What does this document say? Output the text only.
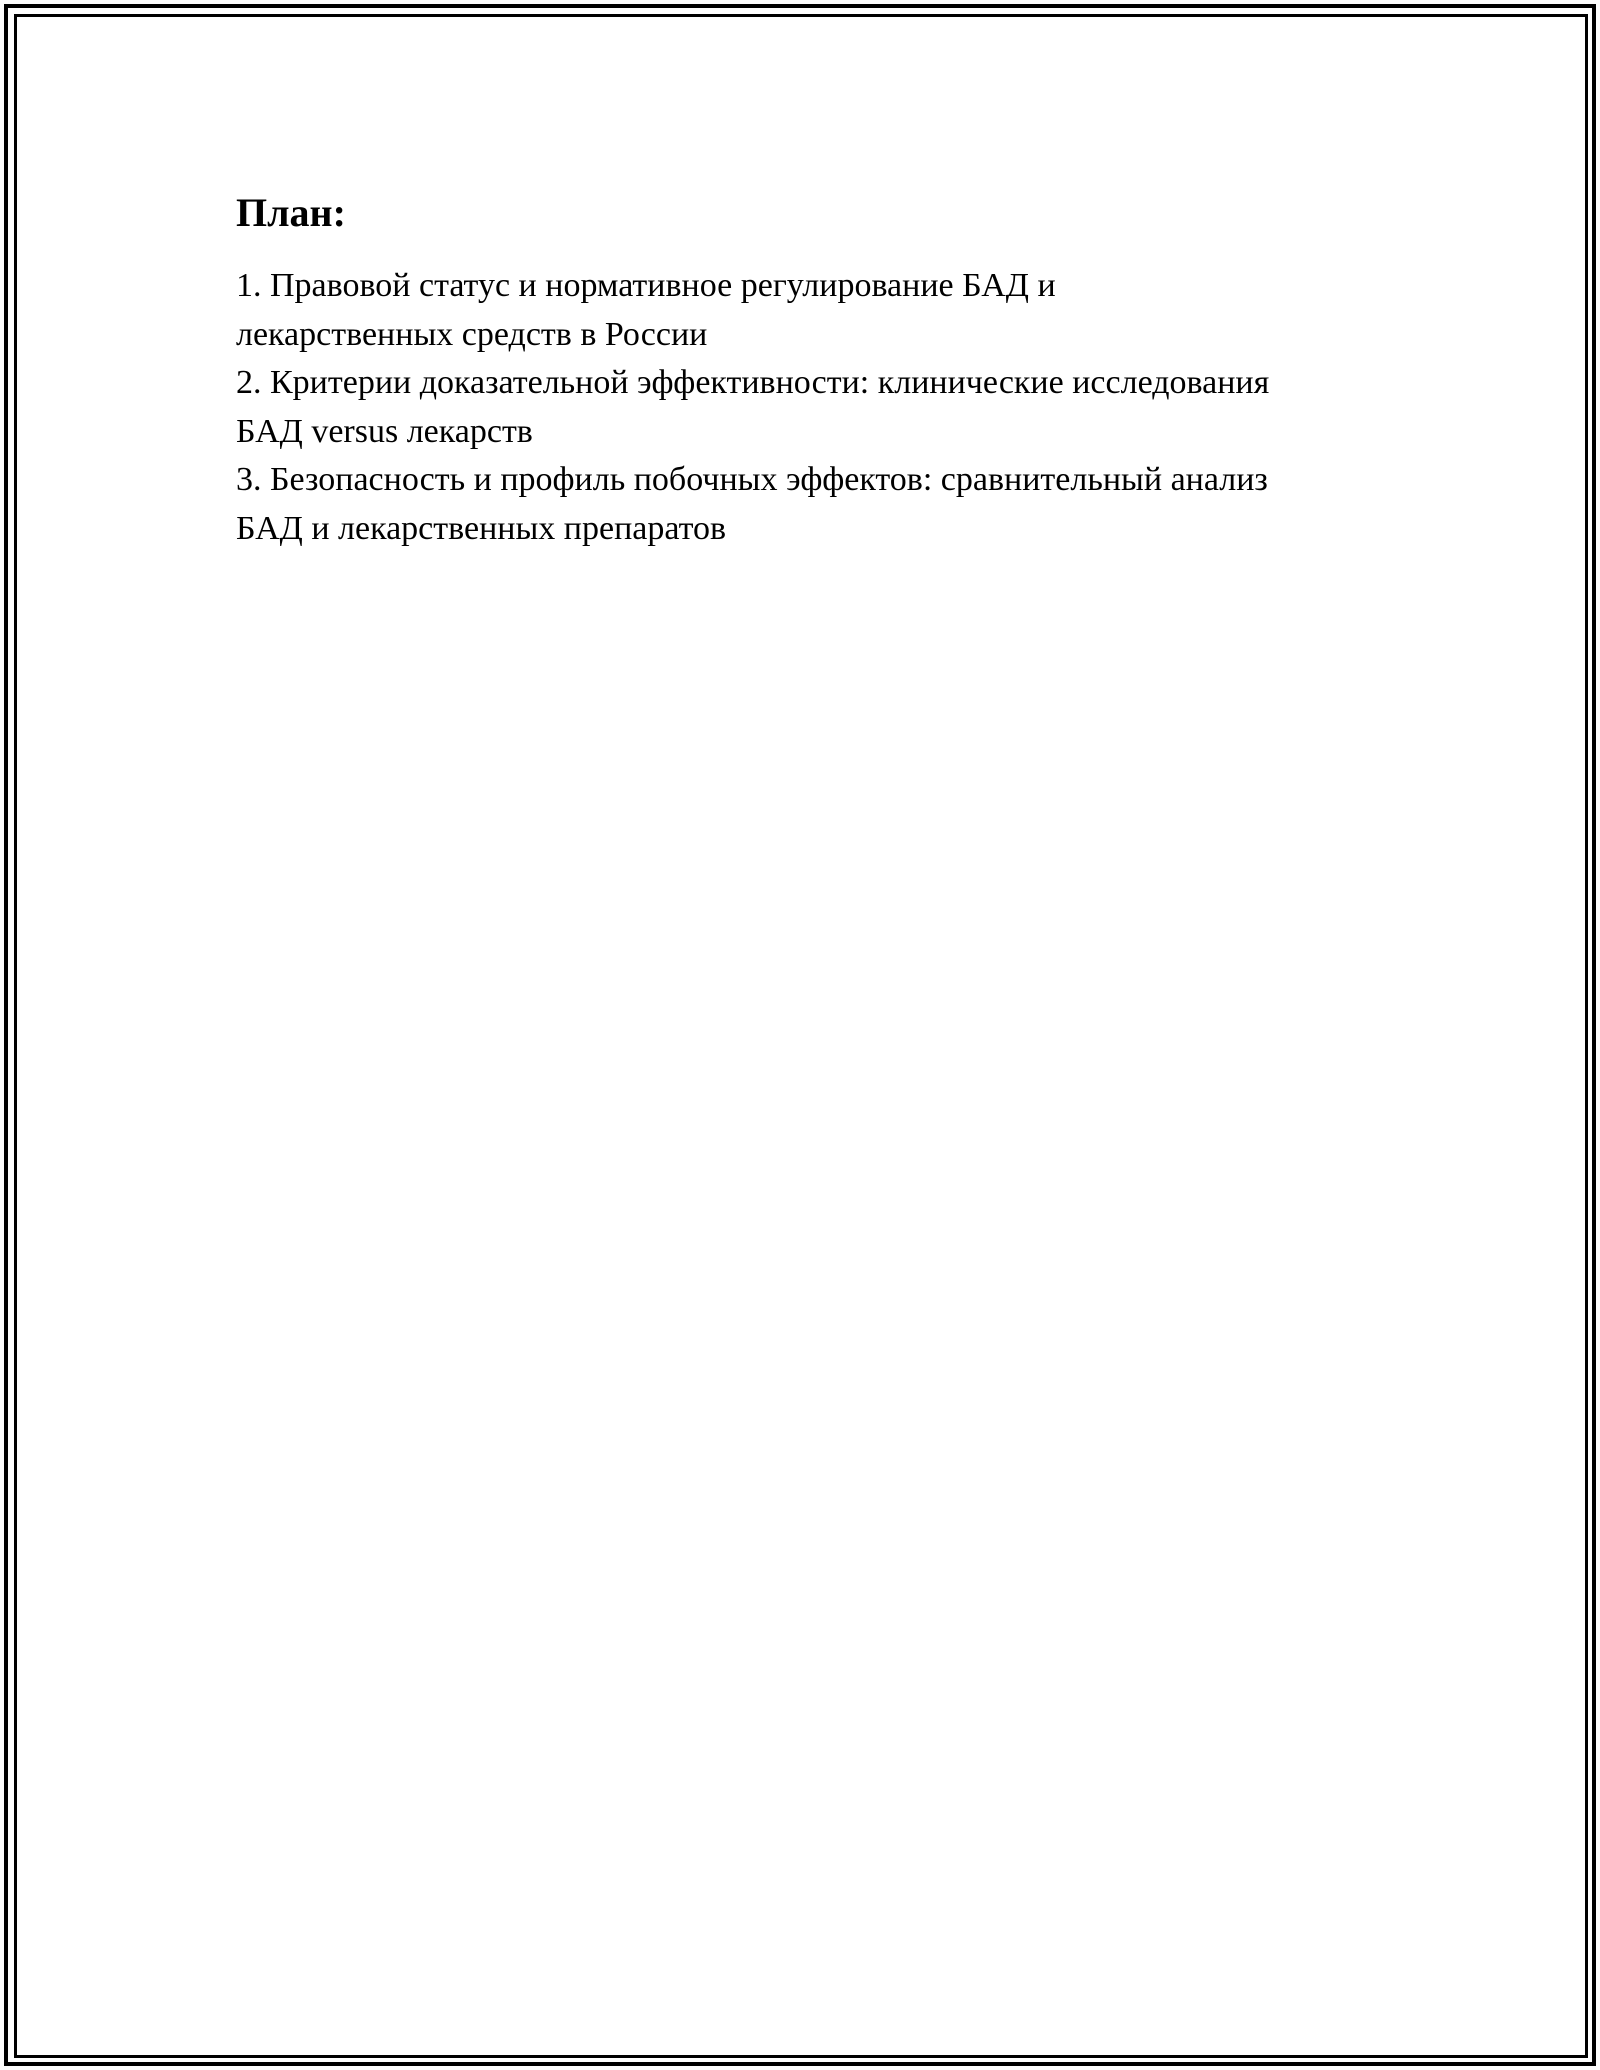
План:
1. Правовой статус и нормативное регулирование БАД и
лекарственных средств в России
2. Критерии доказательной эффективности: клинические исследования
БАД versus лекарств
3. Безопасность и профиль побочных эффектов: сравнительный анализ
БАД и лекарственных препаратов
